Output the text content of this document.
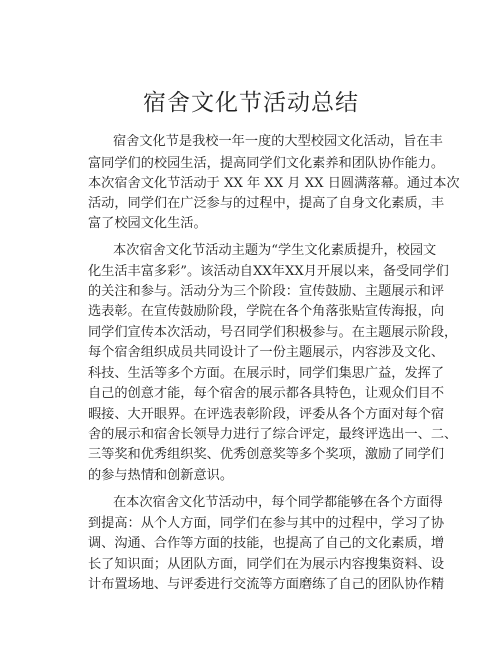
宿舍文化节活动总结
宿舍文化节是我校一年一度的大型校园文化活动，旨在丰
富同学们的校园生活，提高同学们文化素养和团队协作能力。
本次宿舍文化节活动于 XX 年 XX 月 XX 日圆满落幕。通过本次
活动，同学们在广泛参与的过程中，提高了自身文化素质，丰
富了校园文化生活。
本次宿舍文化节活动主题为“学生文化素质提升，校园文
化生活丰富多彩”。该活动自XX年XX月开展以来，备受同学们
的关注和参与。活动分为三个阶段：宣传鼓励、主题展示和评
选表彰。在宣传鼓励阶段，学院在各个角落张贴宣传海报，向
同学们宣传本次活动，号召同学们积极参与。在主题展示阶段，
每个宿舍组织成员共同设计了一份主题展示，内容涉及文化、
科技、生活等多个方面。在展示时，同学们集思广益，发挥了
自己的创意才能，每个宿舍的展示都各具特色，让观众们目不
暇接、大开眼界。在评选表彰阶段，评委从各个方面对每个宿
舍的展示和宿舍长领导力进行了综合评定，最终评选出一、二、
三等奖和优秀组织奖、优秀创意奖等多个奖项，激励了同学们
的参与热情和创新意识。
在本次宿舍文化节活动中，每个同学都能够在各个方面得
到提高：从个人方面，同学们在参与其中的过程中，学习了协
调、沟通、合作等方面的技能，也提高了自己的文化素质，增
长了知识面；从团队方面，同学们在为展示内容搜集资料、设
计布置场地、与评委进行交流等方面磨练了自己的团队协作精
